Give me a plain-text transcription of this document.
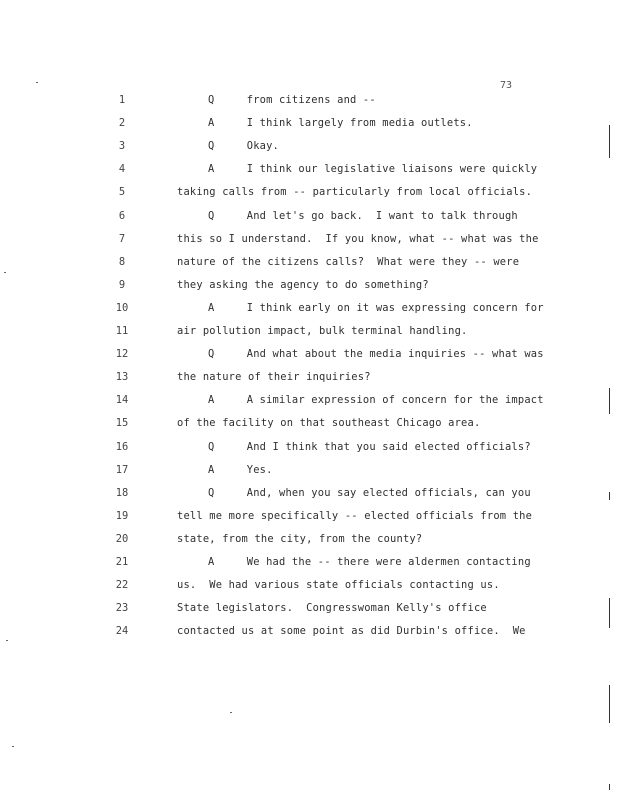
73
1	Q     from citizens and --
2	A     I think largely from media outlets.
3	Q     Okay.
4	A     I think our legislative liaisons were quickly
5	taking calls from -- particularly from local officials.
6	Q     And let's go back.  I want to talk through
7	this so I understand.  If you know, what -- what was the
8	nature of the citizens calls?  What were they -- were
9	they asking the agency to do something?
10	A     I think early on it was expressing concern for
11	air pollution impact, bulk terminal handling.
12	Q     And what about the media inquiries -- what was
13	the nature of their inquiries?
14	A     A similar expression of concern for the impact
15	of the facility on that southeast Chicago area.
16	Q     And I think that you said elected officials?
17	A     Yes.
18	Q     And, when you say elected officials, can you
19	tell me more specifically -- elected officials from the
20	state, from the city, from the county?
21	A     We had the -- there were aldermen contacting
22	us.  We had various state officials contacting us.
23	State legislators.  Congresswoman Kelly's office
24	contacted us at some point as did Durbin's office.  We
